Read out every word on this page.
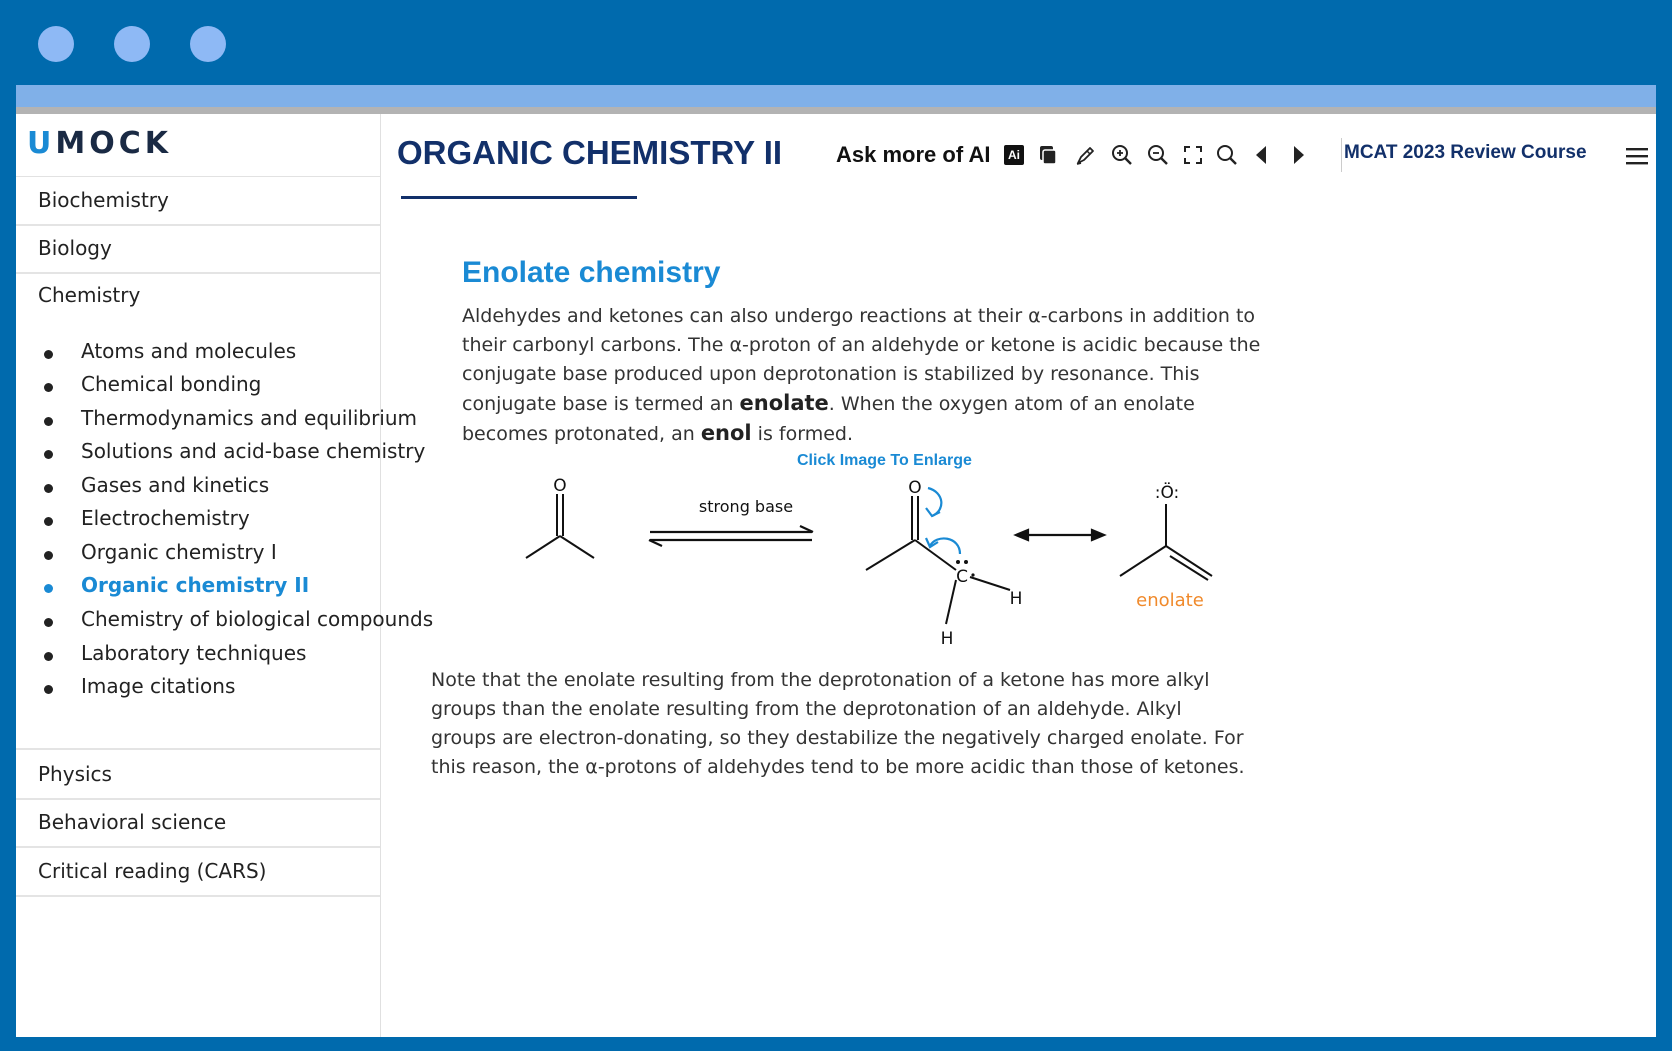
ORGANIC CHEMISTRY II Ask more of AI	Ai	MCAT 2023 Review Course
Enolate chemistry
Aldehydes and ketones can also undergo reactions at their α-carbons in addition to their carbonyl carbons. The α-proton of an aldehyde or ketone is acidic because the conjugate base produced upon deprotonation is stabilized by resonance. This conjugate base is termed an enolate. When the oxygen atom of an enolate becomes protonated, an enol is formed.
Click Image To Enlarge
O
strong base
O
C
H
H
:Ö:
enolate
Note that the enolate resulting from the deprotonation of a ketone has more alkyl groups than the enolate resulting from the deprotonation of an aldehyde. Alkyl groups are electron-donating, so they destabilize the negatively charged enolate. For this reason, the α-protons of aldehydes tend to be more acidic than those of ketones.
UMOCK
Biochemistry
Biology
Chemistry
Atoms and molecules
Chemical bonding
Thermodynamics and equilibrium
Solutions and acid-base chemistry
Gases and kinetics
Electrochemistry
Organic chemistry I
Organic chemistry II
Chemistry of biological compounds
Laboratory techniques
Image citations
Physics
Behavioral science
Critical reading (CARS)
